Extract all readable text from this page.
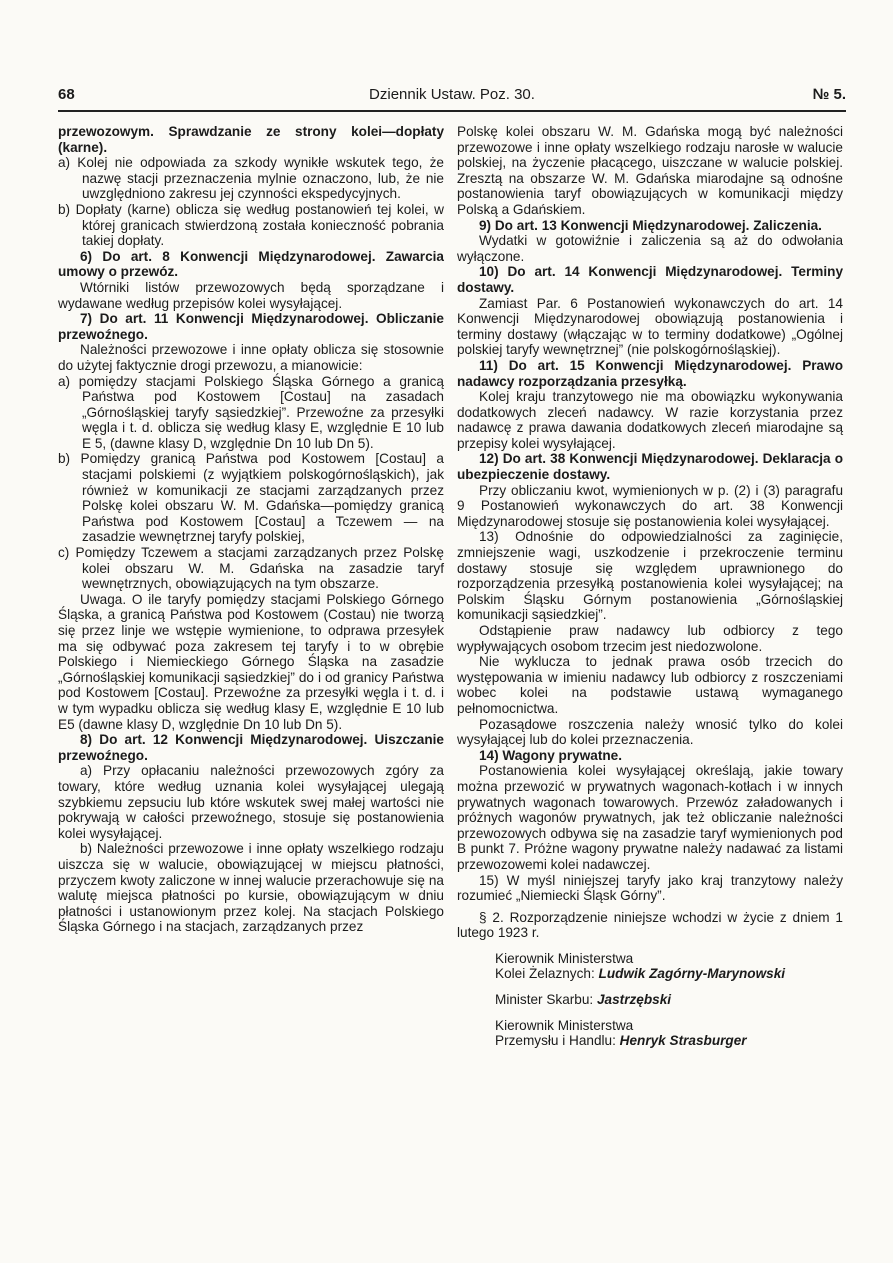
68	Dziennik Ustaw. Poz. 30.	№ 5.

przewozowym. Sprawdzanie ze strony kolei—dopłaty (karne).

a) Kolej nie odpowiada za szkody wynikłe wskutek tego, że nazwę stacji przeznaczenia mylnie oznaczono, lub, że nie uwzględniono zakresu jej czynności ekspedycyjnych.

b) Dopłaty (karne) oblicza się według postanowień tej kolei, w której granicach stwierdzoną została konieczność pobrania takiej dopłaty.

6) Do art. 8 Konwencji Międzynarodowej. Zawarcia umowy o przewóz.

Wtórniki listów przewozowych będą sporządzane i wydawane według przepisów kolei wysyłającej.

7) Do art. 11 Konwencji Międzynarodowej. Obliczanie przewoźnego.

Należności przewozowe i inne opłaty oblicza się stosownie do użytej faktycznie drogi przewozu, a mianowicie:

a) pomiędzy stacjami Polskiego Śląska Górnego a granicą Państwa pod Kostowem [Costau] na zasadach „Górnośląskiej taryfy sąsiedzkiej”. Przewoźne za przesyłki węgla i t. d. oblicza się według klasy E, względnie E 10 lub E 5, (dawne klasy D, względnie Dn 10 lub Dn 5).

b) Pomiędzy granicą Państwa pod Kostowem [Costau] a stacjami polskiemi (z wyjątkiem polskogórnośląskich), jak również w komunikacji ze stacjami zarządzanych przez Polskę kolei obszaru W. M. Gdańska—pomiędzy granicą Państwa pod Kostowem [Costau] a Tczewem — na zasadzie wewnętrznej taryfy polskiej,

c) Pomiędzy Tczewem a stacjami zarządzanych przez Polskę kolei obszaru W. M. Gdańska na zasadzie taryf wewnętrznych, obowiązujących na tym obszarze.

Uwaga. O ile taryfy pomiędzy stacjami Polskiego Górnego Śląska, a granicą Państwa pod Kostowem (Costau) nie tworzą się przez linje we wstępie wymienione, to odprawa przesyłek ma się odbywać poza zakresem tej taryfy i to w obrębie Polskiego i Niemieckiego Górnego Śląska na zasadzie „Górnośląskiej komunikacji sąsiedzkiej” do i od granicy Państwa pod Kostowem [Costau]. Przewoźne za przesyłki węgla i t. d. i w tym wypadku oblicza się według klasy E, względnie E 10 lub E5 (dawne klasy D, względnie Dn 10 lub Dn 5).

8) Do art. 12 Konwencji Międzynarodowej. Uiszczanie przewoźnego.

a) Przy opłacaniu należności przewozowych zgóry za towary, które według uznania kolei wysyłającej ulegają szybkiemu zepsuciu lub które wskutek swej małej wartości nie pokrywają w całości przewoźnego, stosuje się postanowienia kolei wysyłającej.

b) Należności przewozowe i inne opłaty wszelkiego rodzaju uiszcza się w walucie, obowiązującej w miejscu płatności, przyczem kwoty zaliczone w innej walucie przerachowuje się na walutę miejsca płatności po kursie, obowiązującym w dniu płatności i ustanowionym przez kolej. Na stacjach Polskiego Śląska Górnego i na stacjach, zarządzanych przez

Polskę kolei obszaru W. M. Gdańska mogą być należności przewozowe i inne opłaty wszelkiego rodzaju narosłe w walucie polskiej, na życzenie płacącego, uiszczane w walucie polskiej. Zresztą na obszarze W. M. Gdańska miarodajne są odnośne postanowienia taryf obowiązujących w komunikacji między Polską a Gdańskiem.

9) Do art. 13 Konwencji Międzynarodowej. Zaliczenia.

Wydatki w gotowiźnie i zaliczenia są aż do odwołania wyłączone.

10) Do art. 14 Konwencji Międzynarodowej. Terminy dostawy.

Zamiast Par. 6 Postanowień wykonawczych do art. 14 Konwencji Międzynarodowej obowiązują postanowienia i terminy dostawy (włączając w to terminy dodatkowe) „Ogólnej polskiej taryfy wewnętrznej” (nie polskogórnośląskiej).

11) Do art. 15 Konwencji Międzynarodowej. Prawo nadawcy rozporządzania przesyłką.

Kolej kraju tranzytowego nie ma obowiązku wykonywania dodatkowych zleceń nadawcy. W razie korzystania przez nadawcę z prawa dawania dodatkowych zleceń miarodajne są przepisy kolei wysyłającej.

12) Do art. 38 Konwencji Międzynarodowej. Deklaracja o ubezpieczenie dostawy.

Przy obliczaniu kwot, wymienionych w p. (2) i (3) paragrafu 9 Postanowień wykonawczych do art. 38 Konwencji Międzynarodowej stosuje się postanowienia kolei wysyłającej.

13) Odnośnie do odpowiedzialności za zaginięcie, zmniejszenie wagi, uszkodzenie i przekroczenie terminu dostawy stosuje się względem uprawnionego do rozporządzenia przesyłką postanowienia kolei wysyłającej; na Polskim Śląsku Górnym postanowienia „Górnośląskiej komunikacji sąsiedzkiej”.

Odstąpienie praw nadawcy lub odbiorcy z tego wypływających osobom trzecim jest niedozwolone.

Nie wyklucza to jednak prawa osób trzecich do występowania w imieniu nadawcy lub odbiorcy z roszczeniami wobec kolei na podstawie ustawą wymaganego pełnomocnictwa.

Pozasądowe roszczenia należy wnosić tylko do kolei wysyłającej lub do kolei przeznaczenia.

14) Wagony prywatne.

Postanowienia kolei wysyłającej określają, jakie towary można przewozić w prywatnych wagonach-kotłach i w innych prywatnych wagonach towarowych. Przewóz załadowanych i próżnych wagonów prywatnych, jak też obliczanie należności przewozowych odbywa się na zasadzie taryf wymienionych pod B punkt 7. Próżne wagony prywatne należy nadawać za listami przewozowemi kolei nadawczej.

15) W myśl niniejszej taryfy jako kraj tranzytowy należy rozumieć „Niemiecki Śląsk Górny”.

§ 2. Rozporządzenie niniejsze wchodzi w życie z dniem 1 lutego 1923 r.

Kierownik Ministerstwa
Kolei Żelaznych: Ludwik Zagórny-Marynowski
Minister Skarbu: Jastrzębski
Kierownik Ministerstwa
Przemysłu i Handlu: Henryk Strasburger
